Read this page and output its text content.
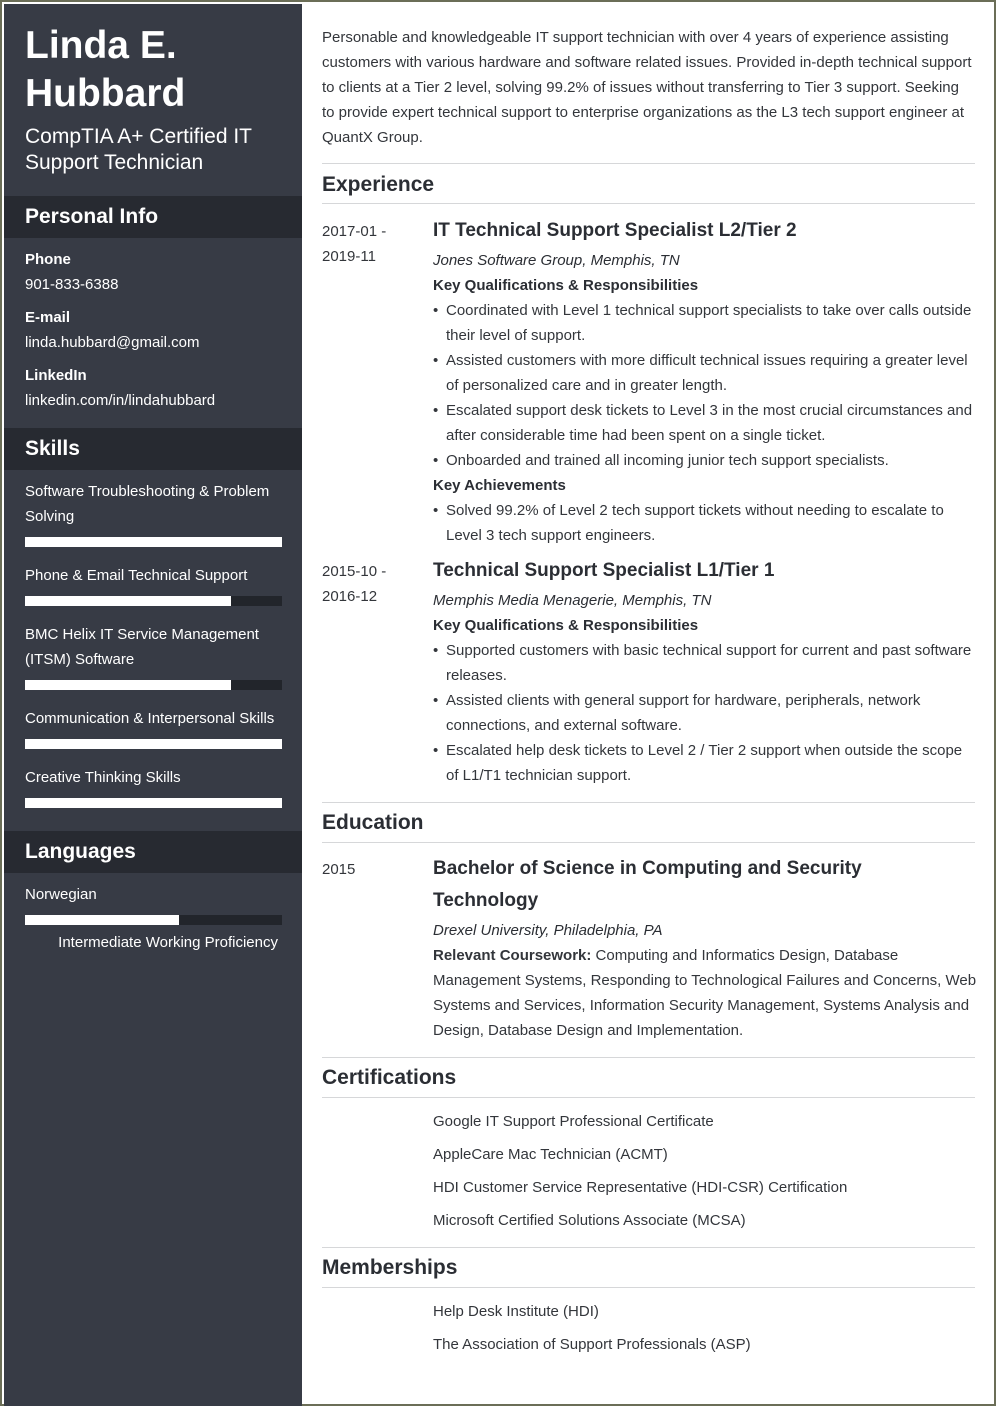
Linda E. Hubbard
CompTIA A+ Certified IT Support Technician
Personal Info
Phone
901-833-6388
E-mail
linda.hubbard@gmail.com
LinkedIn
linkedin.com/in/lindahubbard
Skills
Software Troubleshooting & Problem Solving
Phone & Email Technical Support
BMC Helix IT Service Management (ITSM) Software
Communication & Interpersonal Skills
Creative Thinking Skills
Languages
Norwegian
Intermediate Working Proficiency

Personable and knowledgeable IT support technician with over 4 years of experience assisting customers with various hardware and software related issues. Provided in-depth technical support to clients at a Tier 2 level, solving 99.2% of issues without transferring to Tier 3 support. Seeking to provide expert technical support to enterprise organizations as the L3 tech support engineer at QuantX Group.

Experience
2017-01 - 2019-11
IT Technical Support Specialist L2/Tier 2
Jones Software Group, Memphis, TN
Key Qualifications & Responsibilities
• Coordinated with Level 1 technical support specialists to take over calls outside their level of support.
• Assisted customers with more difficult technical issues requiring a greater level of personalized care and in greater length.
• Escalated support desk tickets to Level 3 in the most crucial circumstances and after considerable time had been spent on a single ticket.
• Onboarded and trained all incoming junior tech support specialists.
Key Achievements
• Solved 99.2% of Level 2 tech support tickets without needing to escalate to Level 3 tech support engineers.
2015-10 - 2016-12
Technical Support Specialist L1/Tier 1
Memphis Media Menagerie, Memphis, TN
Key Qualifications & Responsibilities
• Supported customers with basic technical support for current and past software releases.
• Assisted clients with general support for hardware, peripherals, network connections, and external software.
• Escalated help desk tickets to Level 2 / Tier 2 support when outside the scope of L1/T1 technician support.
Education
2015	Bachelor of Science in Computing and Security Technology
Drexel University, Philadelphia, PA

Relevant Coursework: Computing and Informatics Design, Database Management Systems, Responding to Technological Failures and Concerns, Web Systems and Services, Information Security Management, Systems Analysis and Design, Database Design and Implementation.

Certifications
Google IT Support Professional Certificate
AppleCare Mac Technician (ACMT)
HDI Customer Service Representative (HDI-CSR) Certification
Microsoft Certified Solutions Associate (MCSA)
Memberships
Help Desk Institute (HDI)
The Association of Support Professionals (ASP)
